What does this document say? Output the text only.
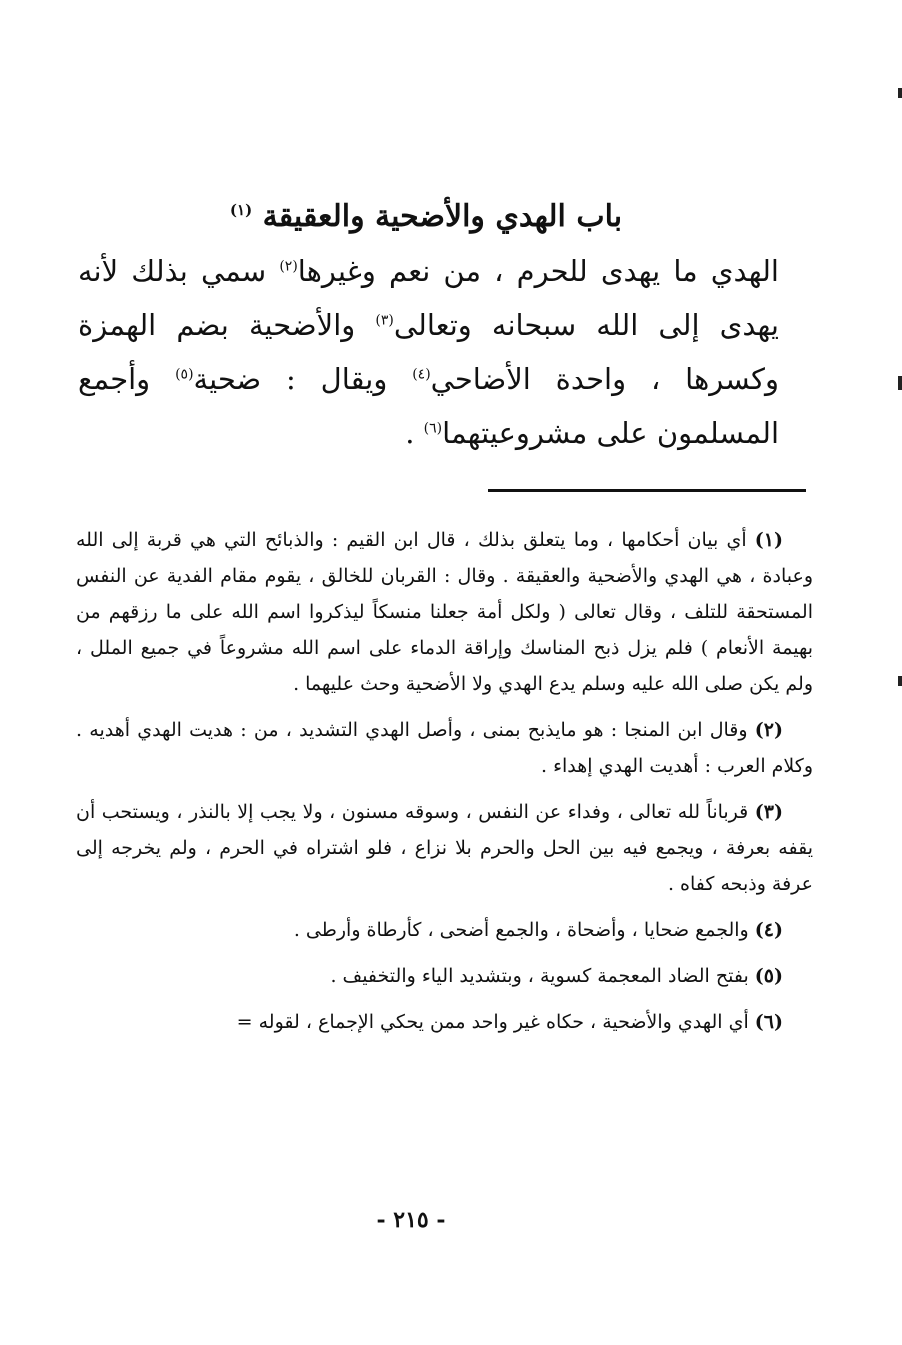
باب الهدي والأضحية والعقيقة $^{(١)}$

الهدي ما يهدى للحرم ، من نعم وغيرها$^{(٢)}$ سمي بذلك لأنه يهدى إلى الله سبحانه وتعالى$^{(٣)}$ والأضحية بضم الهمزة وكسرها ، واحدة الأضاحي$^{(٤)}$ ويقال : ضحية$^{(٥)}$ وأجمع المسلمون على مشروعيتهما$^{(٦)}$ .

(١) أي بيان أحكامها ، وما يتعلق بذلك ، قال ابن القيم : والذبائح التي هي قربة إلى الله وعبادة ، هي الهدي والأضحية والعقيقة . وقال : القربان للخالق ، يقوم مقام الفدية عن النفس المستحقة للتلف ، وقال تعالى ( ولكل أمة جعلنا منسكاً ليذكروا اسم الله على ما رزقهم من بهيمة الأنعام ) فلم يزل ذبح المناسك وإراقة الدماء على اسم الله مشروعاً في جميع الملل ، ولم يكن صلى الله عليه وسلم يدع الهدي ولا الأضحية وحث عليهما .

(٢) وقال ابن المنجا : هو مايذبح بمنى ، وأصل الهدي التشديد ، من : هديت الهدي أهديه . وكلام العرب : أهديت الهدي إهداء .

(٣) قرباناً لله تعالى ، وفداء عن النفس ، وسوقه مسنون ، ولا يجب إلا بالنذر ، ويستحب أن يقفه بعرفة ، ويجمع فيه بين الحل والحرم بلا نزاع ، فلو اشتراه في الحرم ، ولم يخرجه إلى عرفة وذبحه كفاه .

(٤) والجمع ضحايا ، وأضحاة ، والجمع أضحى ، كأرطاة وأرطى .

(٥) بفتح الضاد المعجمة كسوية ، وبتشديد الياء والتخفيف .

(٦) أي الهدي والأضحية ، حكاه غير واحد ممن يحكي الإجماع ، لقوله =

- ٢١٥ -
